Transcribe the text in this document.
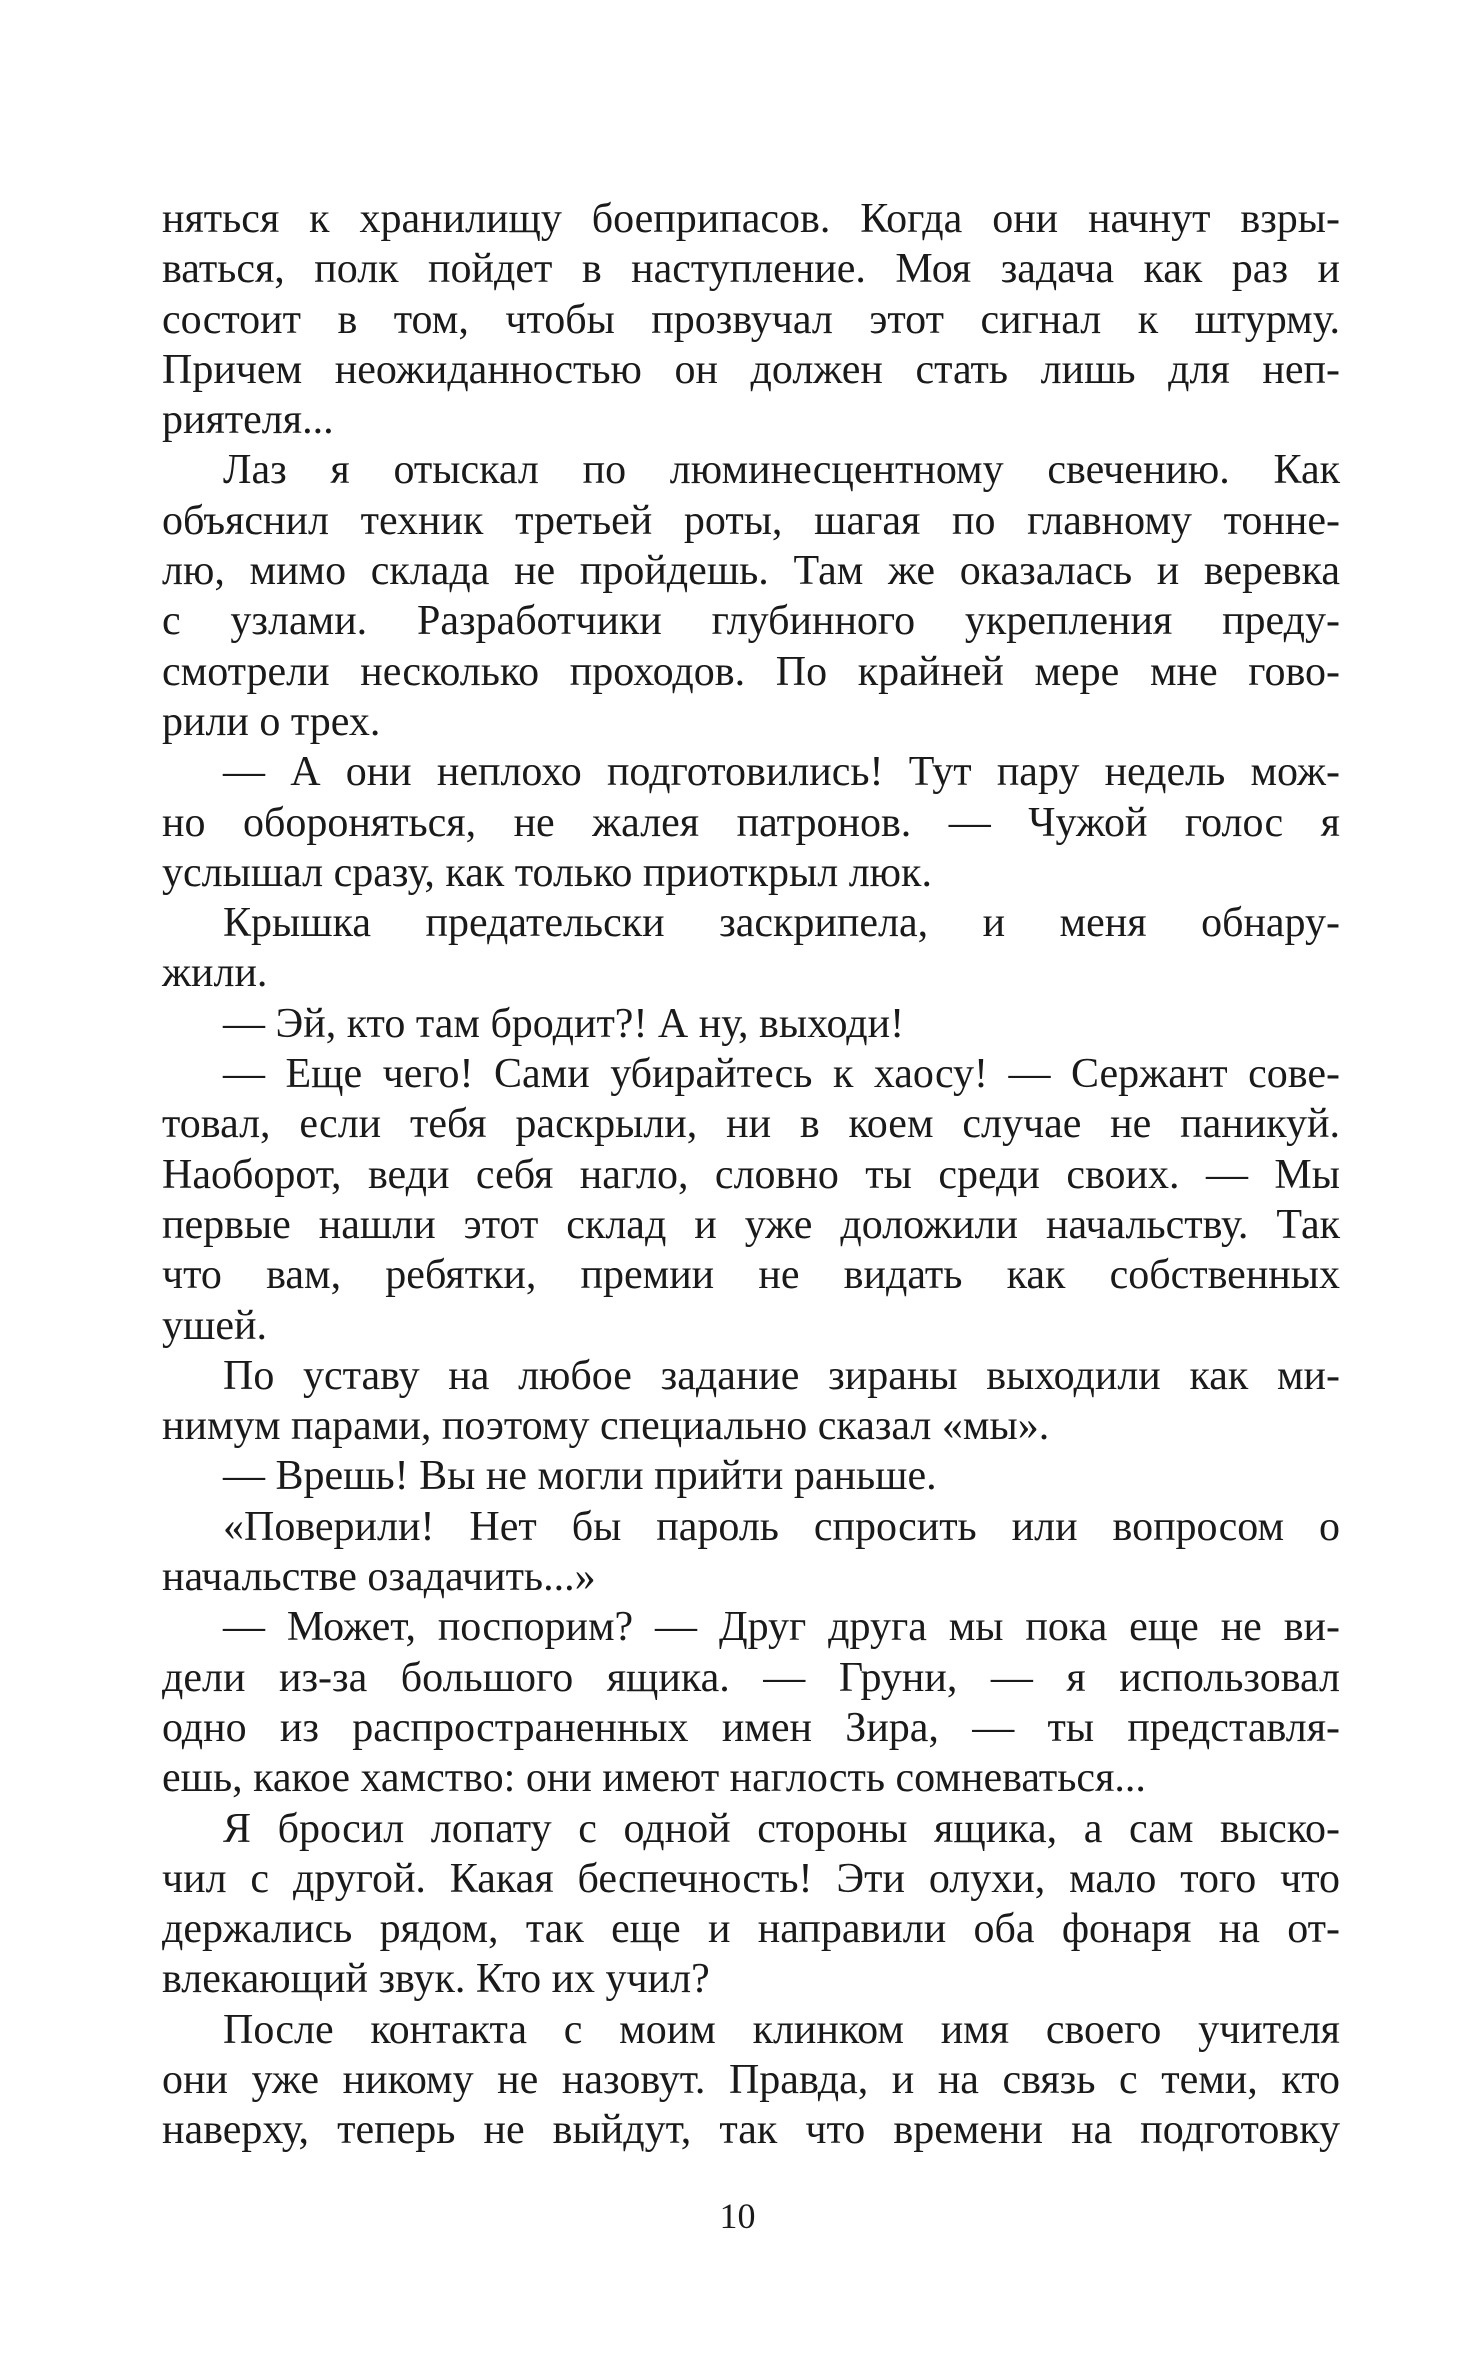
няться к хранилищу боеприпасов. Когда они начнут взры-
ваться, полк пойдет в наступление. Моя задача как раз и
состоит в том, чтобы прозвучал этот сигнал к штурму.
Причем неожиданностью он должен стать лишь для неп-
риятеля...
Лаз я отыскал по люминесцентному свечению. Как
объяснил техник третьей роты, шагая по главному тонне-
лю, мимо склада не пройдешь. Там же оказалась и веревка
с узлами. Разработчики глубинного укрепления преду-
смотрели несколько проходов. По крайней мере мне гово-
рили о трех.
— А они неплохо подготовились! Тут пару недель мож-
но обороняться, не жалея патронов. — Чужой голос я
услышал сразу, как только приоткрыл люк.
Крышка предательски заскрипела, и меня обнару-
жили.
— Эй, кто там бродит?! А ну, выходи!
— Еще чего! Сами убирайтесь к хаосу! — Сержант сове-
товал, если тебя раскрыли, ни в коем случае не паникуй.
Наоборот, веди себя нагло, словно ты среди своих. — Мы
первые нашли этот склад и уже доложили начальству. Так
что вам, ребятки, премии не видать как собственных
ушей.
По уставу на любое задание зираны выходили как ми-
нимум парами, поэтому специально сказал «мы».
— Врешь! Вы не могли прийти раньше.
«Поверили! Нет бы пароль спросить или вопросом о
начальстве озадачить...»
— Может, поспорим? — Друг друга мы пока еще не ви-
дели из-за большого ящика. — Груни, — я использовал
одно из распространенных имен Зира, — ты представля-
ешь, какое хамство: они имеют наглость сомневаться...
Я бросил лопату с одной стороны ящика, а сам выско-
чил с другой. Какая беспечность! Эти олухи, мало того что
держались рядом, так еще и направили оба фонаря на от-
влекающий звук. Кто их учил?
После контакта с моим клинком имя своего учителя
они уже никому не назовут. Правда, и на связь с теми, кто
наверху, теперь не выйдут, так что времени на подготовку
10
